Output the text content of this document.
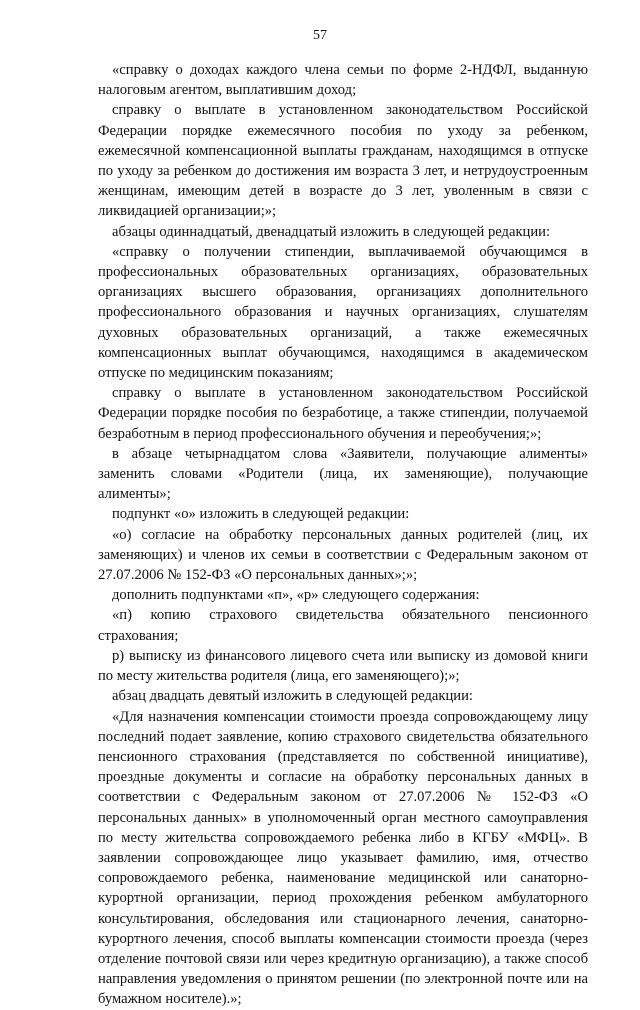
57

«справку о доходах каждого члена семьи по форме 2-НДФЛ, выданную налоговым агентом, выплатившим доход;

справку о выплате в установленном законодательством Российской Федерации порядке ежемесячного пособия по уходу за ребенком, ежемесячной компенсационной выплаты гражданам, находящимся в отпуске по уходу за ребенком до достижения им возраста 3 лет, и нетрудоустроенным женщинам, имеющим детей в возрасте до 3 лет, уволенным в связи с ликвидацией организации;»;

абзацы одиннадцатый, двенадцатый изложить в следующей редакции:

«справку о получении стипендии, выплачиваемой обучающимся в профессиональных образовательных организациях, образовательных организациях высшего образования, организациях дополнительного профессионального образования и научных организациях, слушателям духовных образовательных организаций, а также ежемесячных компенсационных выплат обучающимся, находящимся в академическом отпуске по медицинским показаниям;

справку о выплате в установленном законодательством Российской Федерации порядке пособия по безработице, а также стипендии, получаемой безработным в период профессионального обучения и переобучения;»;

в абзаце четырнадцатом слова «Заявители, получающие алименты» заменить словами «Родители (лица, их заменяющие), получающие алименты»;

подпункт «о» изложить в следующей редакции:

«о) согласие на обработку персональных данных родителей (лиц, их заменяющих) и членов их семьи в соответствии с Федеральным законом от 27.07.2006 № 152-ФЗ «О персональных данных»;»;

дополнить подпунктами «п», «р» следующего содержания:

«п) копию страхового свидетельства обязательного пенсионного страхования;

р) выписку из финансового лицевого счета или выписку из домовой книги по месту жительства родителя (лица, его заменяющего);»;

абзац двадцать девятый изложить в следующей редакции:

«Для назначения компенсации стоимости проезда сопровождающему лицу последний подает заявление, копию страхового свидетельства обязательного пенсионного страхования (представляется по собственной инициативе), проездные документы и согласие на обработку персональных данных в соответствии с Федеральным законом от 27.07.2006 № 152-ФЗ «О персональных данных» в уполномоченный орган местного самоуправления по месту жительства сопровождаемого ребенка либо в КГБУ «МФЦ». В заявлении сопровождающее лицо указывает фамилию, имя, отчество сопровождаемого ребенка, наименование медицинской или санаторно-курортной организации, период прохождения ребенком амбулаторного консультирования, обследования или стационарного лечения, санаторно-курортного лечения, способ выплаты компенсации стоимости проезда (через отделение почтовой связи или через кредитную организацию), а также способ направления уведомления о принятом решении (по электронной почте или на бумажном носителе).»;
